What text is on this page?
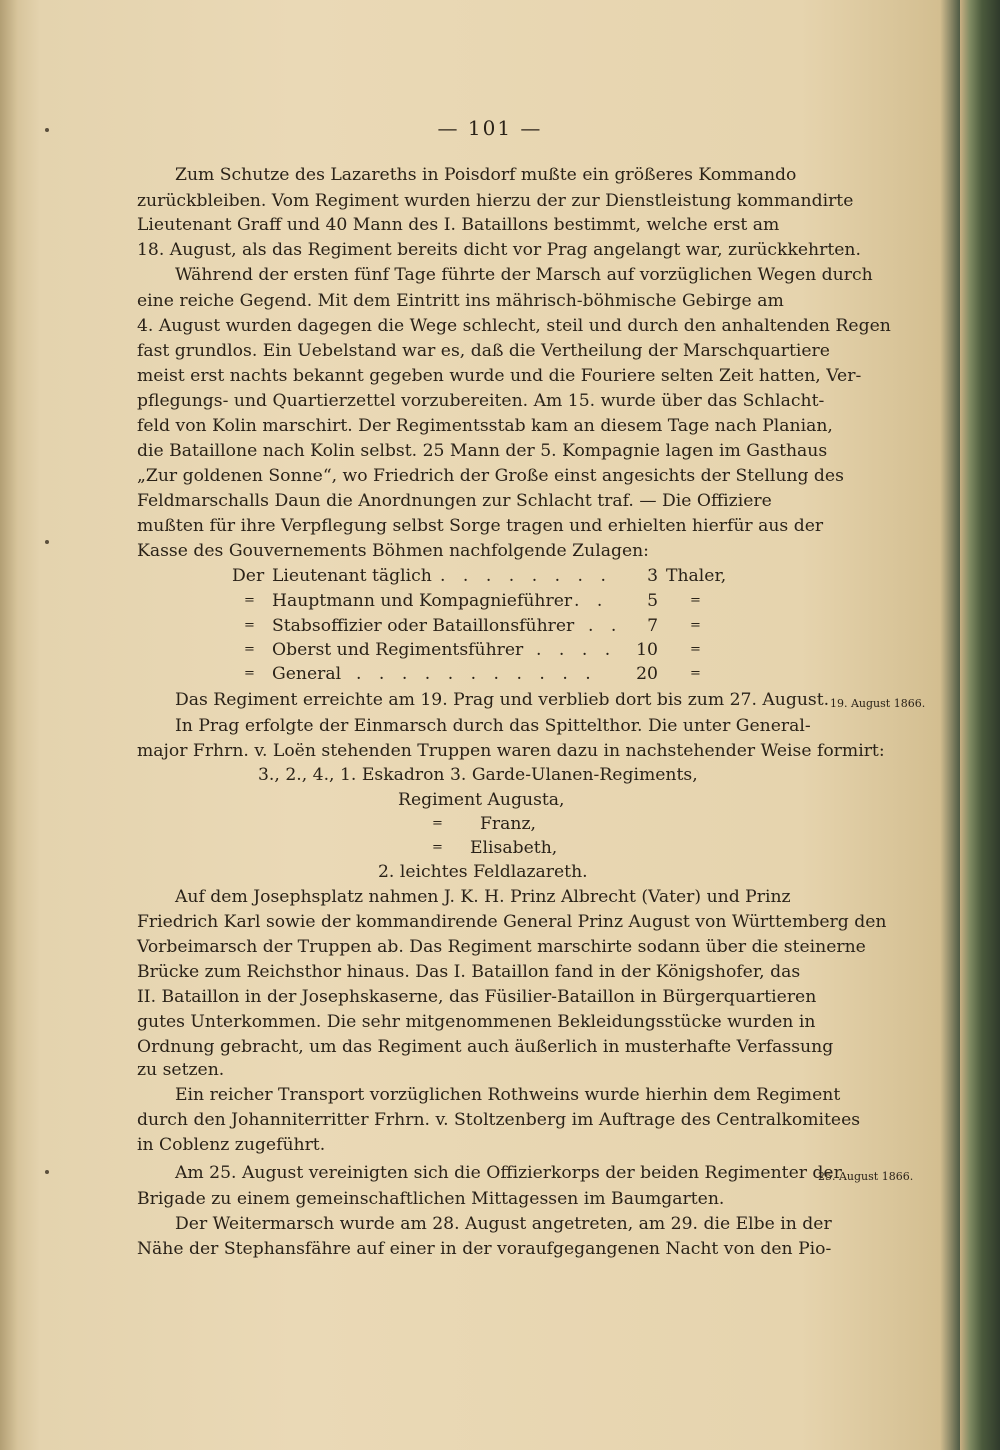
— 101 —
Zum Schutze des Lazareths in Poisdorf mußte ein größeres Kommando
zurückbleiben. Vom Regiment wurden hierzu der zur Dienstleistung kommandirte
Lieutenant Graff und 40 Mann des I. Bataillons bestimmt, welche erst am
18. August, als das Regiment bereits dicht vor Prag angelangt war, zurückkehrten.
Während der ersten fünf Tage führte der Marsch auf vorzüglichen Wegen durch
eine reiche Gegend. Mit dem Eintritt ins mährisch-böhmische Gebirge am
4. August wurden dagegen die Wege schlecht, steil und durch den anhaltenden Regen
fast grundlos. Ein Uebelstand war es, daß die Vertheilung der Marschquartiere
meist erst nachts bekannt gegeben wurde und die Fouriere selten Zeit hatten, Ver-
pflegungs- und Quartierzettel vorzubereiten. Am 15. wurde über das Schlacht-
feld von Kolin marschirt. Der Regimentsstab kam an diesem Tage nach Planian,
die Bataillone nach Kolin selbst. 25 Mann der 5. Kompagnie lagen im Gasthaus
„Zur goldenen Sonne“, wo Friedrich der Große einst angesichts der Stellung des
Feldmarschalls Daun die Anordnungen zur Schlacht traf. — Die Offiziere
mußten für ihre Verpflegung selbst Sorge tragen und erhielten hierfür aus der
Kasse des Gouvernements Böhmen nachfolgende Zulagen:
Der Lieutenant täglich . . . . . . . .	3 Thaler,
= Hauptmann und Kompagnieführer . .	5 =
= Stabsoffizier oder Bataillonsführer . .	7 =
= Oberst und Regimentsführer . . . .	10 =
= General . . . . . . . . . . .	20 =
Das Regiment erreichte am 19. Prag und verblieb dort bis zum 27. August. 19. August 1866.
In Prag erfolgte der Einmarsch durch das Spittelthor. Die unter General-
major Frhrn. v. Loën stehenden Truppen waren dazu in nachstehender Weise formirt:
3., 2., 4., 1. Eskadron 3. Garde-Ulanen-Regiments,
Regiment Augusta,
= Franz,
= Elisabeth,
2. leichtes Feldlazareth.
Auf dem Josephsplatz nahmen J. K. H. Prinz Albrecht (Vater) und Prinz
Friedrich Karl sowie der kommandirende General Prinz August von Württemberg den
Vorbeimarsch der Truppen ab. Das Regiment marschirte sodann über die steinerne
Brücke zum Reichsthor hinaus. Das I. Bataillon fand in der Königshofer, das
II. Bataillon in der Josephskaserne, das Füsilier-Bataillon in Bürgerquartieren
gutes Unterkommen. Die sehr mitgenommenen Bekleidungsstücke wurden in
Ordnung gebracht, um das Regiment auch äußerlich in musterhafte Verfassung
zu setzen.
Ein reicher Transport vorzüglichen Rothweins wurde hierhin dem Regiment
durch den Johanniterritter Frhrn. v. Stoltzenberg im Auftrage des Centralkomitees
in Coblenz zugeführt.
Am 25. August vereinigten sich die Offizierkorps der beiden Regimenter der
25. August 1866.
Brigade zu einem gemeinschaftlichen Mittagessen im Baumgarten.
Der Weitermarsch wurde am 28. August angetreten, am 29. die Elbe in der
Nähe der Stephansfähre auf einer in der voraufgegangenen Nacht von den Pio-
